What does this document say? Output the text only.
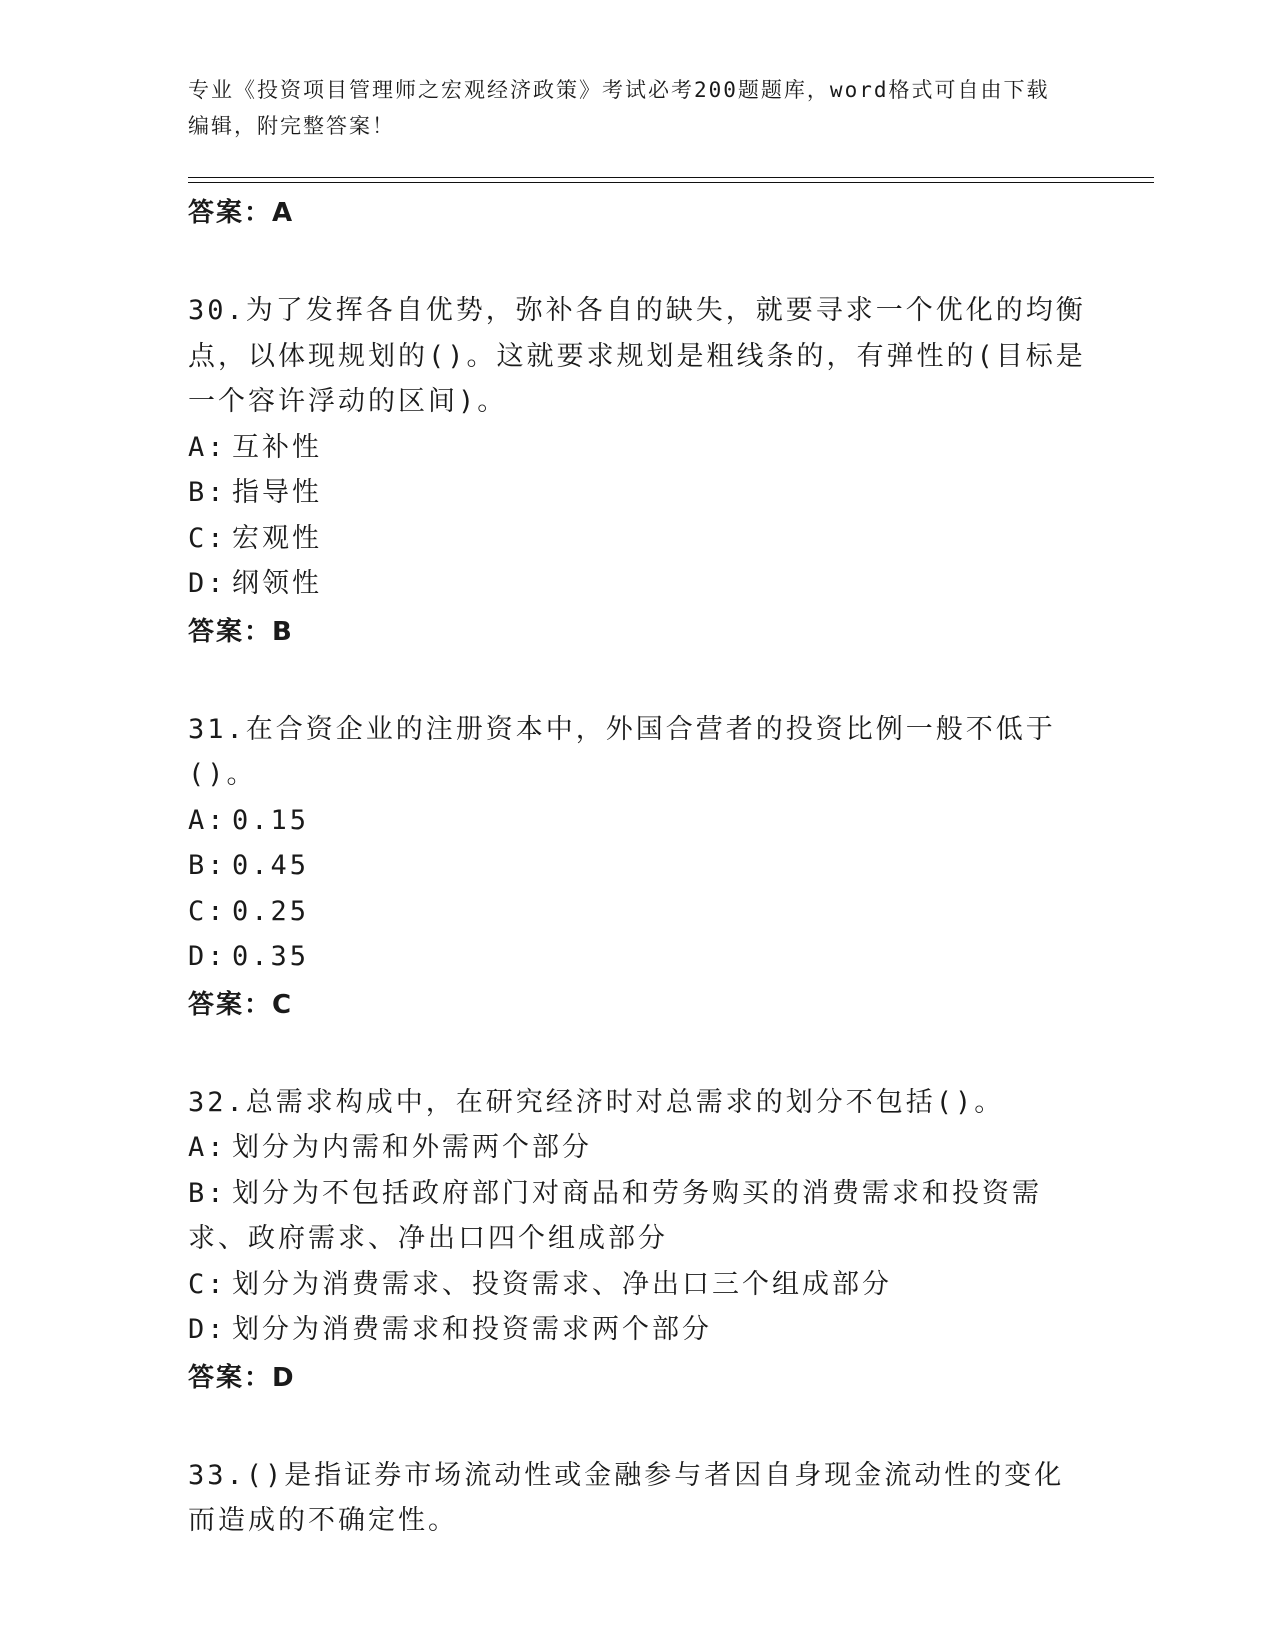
专业《投资项目管理师之宏观经济政策》考试必考200题题库，word格式可自由下载编辑，附完整答案！
答案：A
30.为了发挥各自优势，弥补各自的缺失，就要寻求一个优化的均衡点，以体现规划的()。这就要求规划是粗线条的，有弹性的(目标是一个容许浮动的区间)。
A: 互补性
B: 指导性
C: 宏观性
D: 纲领性
答案：B
31.在合资企业的注册资本中，外国合营者的投资比例一般不低于()。
A: 0.15
B: 0.45
C: 0.25
D: 0.35
答案：C
32.总需求构成中，在研究经济时对总需求的划分不包括()。
A: 划分为内需和外需两个部分
B: 划分为不包括政府部门对商品和劳务购买的消费需求和投资需求、政府需求、净出口四个组成部分
C: 划分为消费需求、投资需求、净出口三个组成部分
D: 划分为消费需求和投资需求两个部分
答案：D
33.()是指证券市场流动性或金融参与者因自身现金流动性的变化而造成的不确定性。
